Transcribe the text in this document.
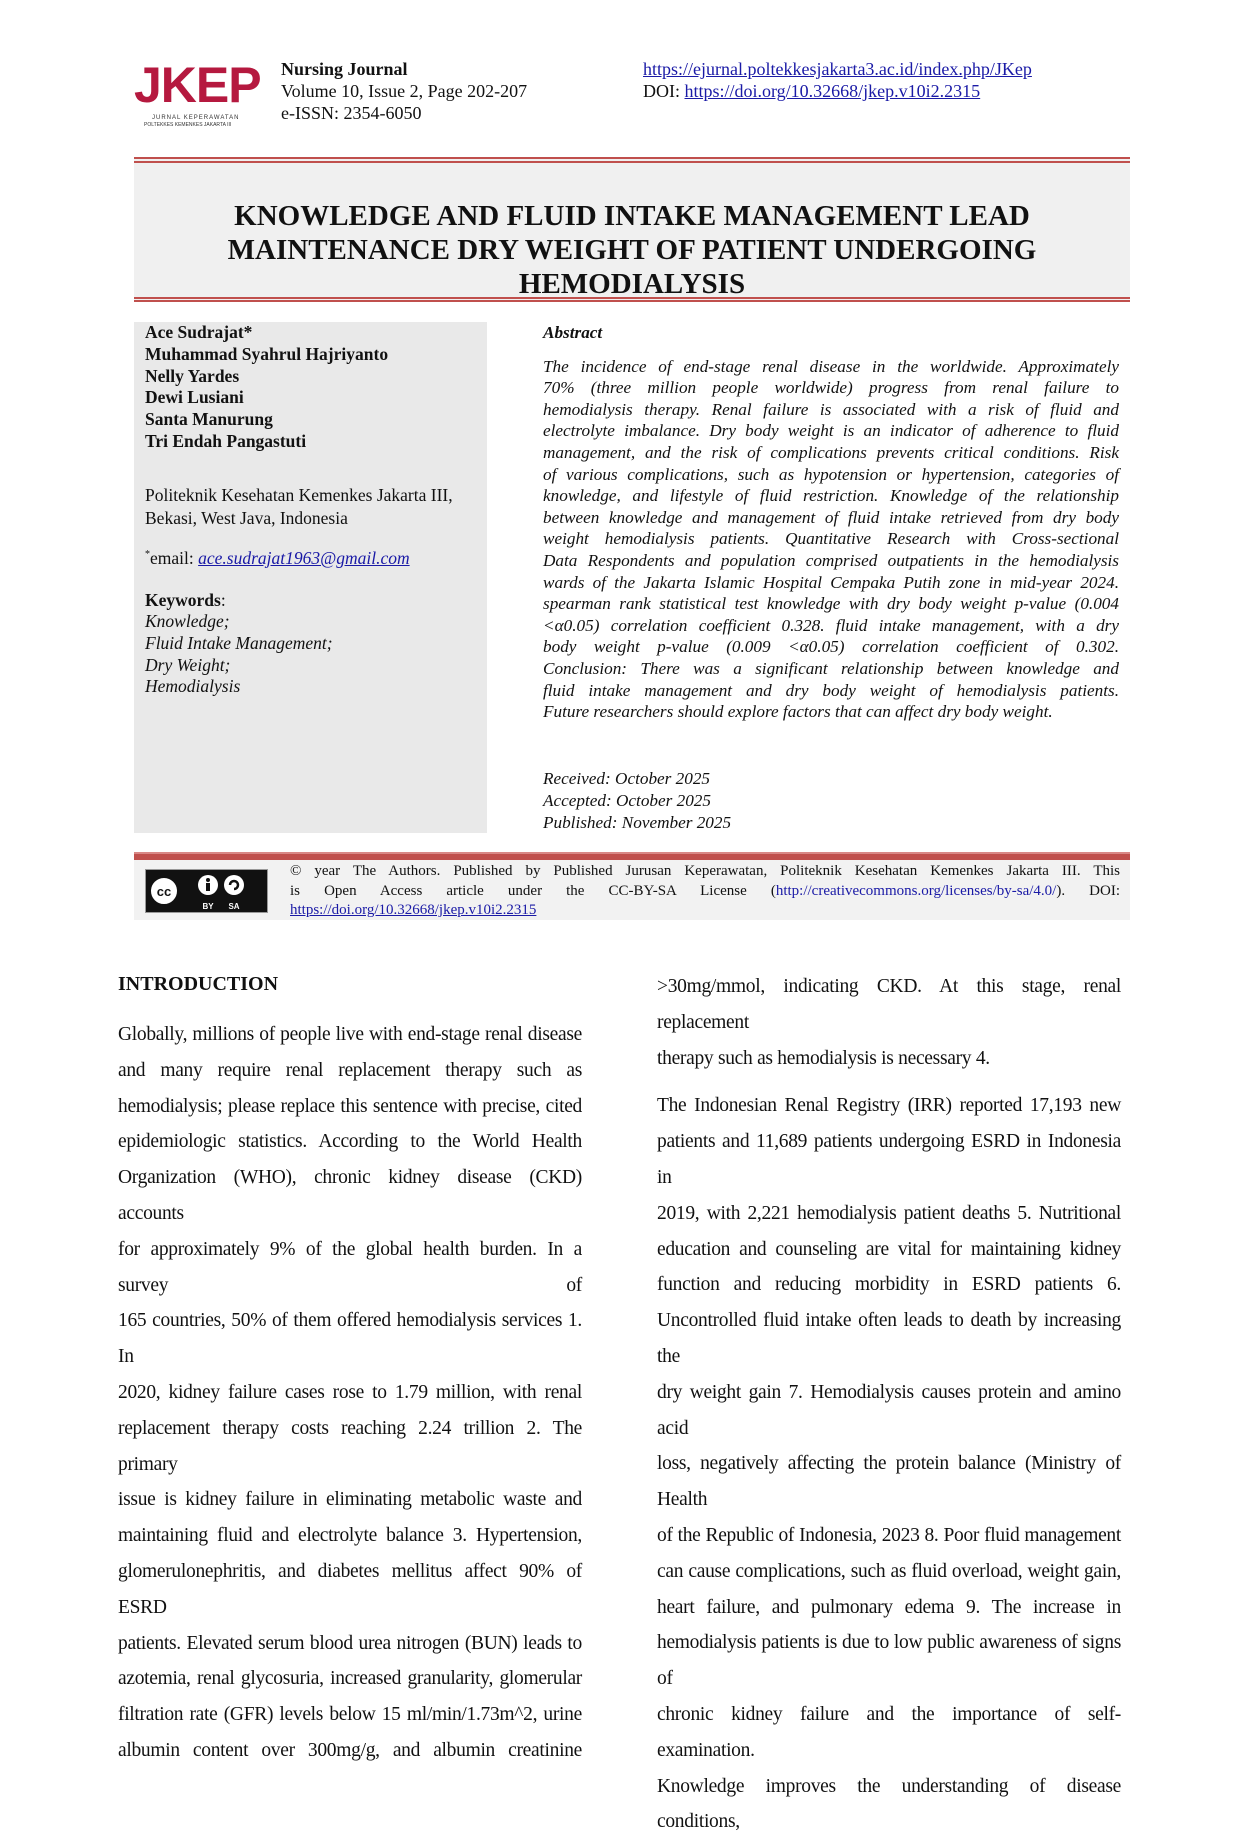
JKEP
JURNAL KEPERAWATAN
POLTEKKES KEMENKES JAKARTA III
Nursing Journal
Volume 10, Issue 2, Page 202-207
e-ISSN: 2354-6050
https://ejurnal.poltekkesjakarta3.ac.id/index.php/JKep
DOI: https://doi.org/10.32668/jkep.v10i2.2315
KNOWLEDGE AND FLUID INTAKE MANAGEMENT LEAD
MAINTENANCE DRY WEIGHT OF PATIENT UNDERGOING
HEMODIALYSIS
Ace Sudrajat*
Muhammad Syahrul Hajriyanto
Nelly Yardes
Dewi Lusiani
Santa Manurung
Tri Endah Pangastuti
Politeknik Kesehatan Kemenkes Jakarta III,
Bekasi, West Java, Indonesia
*email: ace.sudrajat1963@gmail.com
Keywords:
Knowledge;
Fluid Intake Management;
Dry Weight;
Hemodialysis
Abstract
The incidence of end-stage renal disease in the worldwide. Approximately
70% (three million people worldwide) progress from renal failure to
hemodialysis therapy. Renal failure is associated with a risk of fluid and
electrolyte imbalance. Dry body weight is an indicator of adherence to fluid
management, and the risk of complications prevents critical conditions. Risk
of various complications, such as hypotension or hypertension, categories of
knowledge, and lifestyle of fluid restriction. Knowledge of the relationship
between knowledge and management of fluid intake retrieved from dry body
weight hemodialysis patients. Quantitative Research with Cross-sectional
Data Respondents and population comprised outpatients in the hemodialysis
wards of the Jakarta Islamic Hospital Cempaka Putih zone in mid-year 2024.
spearman rank statistical test knowledge with dry body weight p-value (0.004
<α0.05) correlation coefficient 0.328. fluid intake management, with a dry
body weight p-value (0.009 <α0.05) correlation coefficient of 0.302.
Conclusion: There was a significant relationship between knowledge and
fluid intake management and dry body weight of hemodialysis patients.
Future researchers should explore factors that can affect dry body weight.
Received: October 2025
Accepted: October 2025
Published: November 2025
cc
BY SA
© year The Authors. Published by Published Jurusan Keperawatan, Politeknik Kesehatan Kemenkes Jakarta III. This
is  Open  Access  article  under  the  CC-BY-SA  License  (http://creativecommons.org/licenses/by-sa/4.0/).  DOI:
https://doi.org/10.32668/jkep.v10i2.2315
INTRODUCTION
Globally, millions of people live with end-stage renal disease
and many require renal replacement therapy such as
hemodialysis; please replace this sentence with precise, cited
epidemiologic statistics. According to the World Health
Organization (WHO), chronic kidney disease (CKD) accounts
for approximately 9% of the global health burden. In a survey of
165 countries, 50% of them offered hemodialysis services 1. In
2020, kidney failure cases rose to 1.79 million, with renal
replacement therapy costs reaching 2.24 trillion 2. The primary
issue is kidney failure in eliminating metabolic waste and
maintaining fluid and electrolyte balance 3. Hypertension,
glomerulonephritis, and diabetes mellitus affect 90% of ESRD
patients. Elevated serum blood urea nitrogen (BUN) leads to
azotemia, renal glycosuria, increased granularity, glomerular
filtration rate (GFR) levels below 15 ml/min/1.73m^2, urine
albumin content over 300mg/g, and albumin creatinine
>30mg/mmol, indicating CKD. At this stage, renal replacement
therapy such as hemodialysis is necessary 4.
The Indonesian Renal Registry (IRR) reported 17,193 new
patients and 11,689 patients undergoing ESRD in Indonesia in
2019, with 2,221 hemodialysis patient deaths 5. Nutritional
education and counseling are vital for maintaining kidney
function and reducing morbidity in ESRD patients 6.
Uncontrolled fluid intake often leads to death by increasing the
dry weight gain 7. Hemodialysis causes protein and amino acid
loss, negatively affecting the protein balance (Ministry of Health
of the Republic of Indonesia, 2023 8. Poor fluid management
can cause complications, such as fluid overload, weight gain,
heart failure, and pulmonary edema 9. The increase in
hemodialysis patients is due to low public awareness of signs of
chronic kidney failure and the importance of self-examination.
Knowledge improves the understanding of disease conditions,
